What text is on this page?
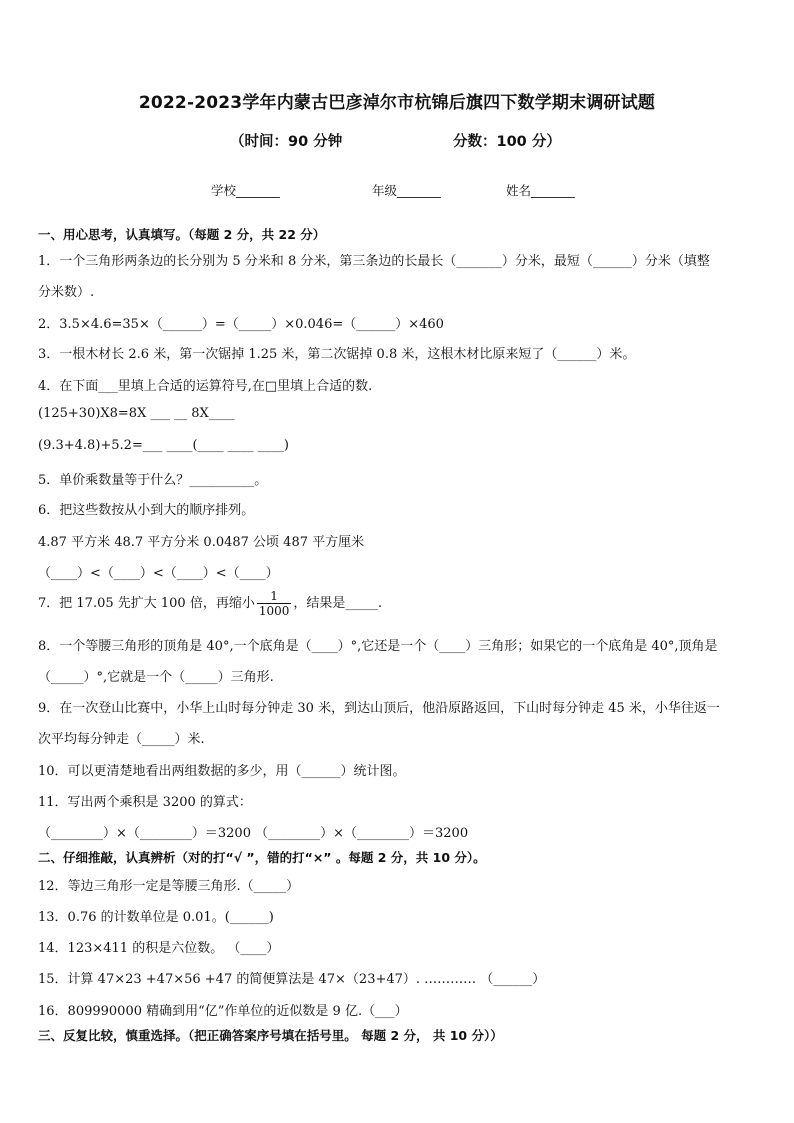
2022-2023学年内蒙古巴彦淖尔市杭锦后旗四下数学期末调研试题
（时间：90 分钟	分数：100 分）
学校_______	年级_______	姓名_______
一、用心思考，认真填写。（每题 2 分，共 22 分）
1．一个三角形两条边的长分别为 5 分米和 8 分米，第三条边的长最长（_______）分米，最短（______）分米（填整
分米数）.
2．3.5×4.6=35×（______）=（_____）×0.046=（______）×460
3．一根木材长 2.6 米，第一次锯掉 1.25 米，第二次锯掉 0.8 米，这根木材比原来短了（______）米。
4．在下面___里填上合适的运算符号,在□里填上合适的数.
(125+30)X8=8X ___ __ 8X____
(9.3+4.8)+5.2=___ ____(____ ____ ____)
5．单价乘数量等于什么？__________。
6．把这些数按从小到大的顺序排列。
4.87 平方米 48.7 平方分米 0.0487 公顷 487 平方厘米
（____）<（____）<（____）<（____）
7．把 17.05 先扩大 100 倍，再缩小 $\frac{1}{1000}$ ，结果是_____.
8．一个等腰三角形的顶角是 40°,一个底角是（____）°,它还是一个（____）三角形；如果它的一个底角是 40°,顶角是
（_____）°,它就是一个（_____）三角形.
9．在一次登山比赛中，小华上山时每分钟走 30 米，到达山顶后，他沿原路返回，下山时每分钟走 45 米，小华往返一
次平均每分钟走（_____）米.
10．可以更清楚地看出两组数据的多少，用（______）统计图。
11．写出两个乘积是 3200 的算式：
（________）×（________）＝3200 （________）×（________）＝3200
二、仔细推敲，认真辨析（对的打“√ ”，错的打“×” 。每题 2 分，共 10 分）。
12．等边三角形一定是等腰三角形.（_____）
13．0.76 的计数单位是 0.01。(______)
14．123×411 的积是六位数。 （____）
15．计算 47×23 +47×56 +47 的简便算法是 47×（23+47）. ………… （______）
16．809990000 精确到用“亿”作单位的近似数是 9 亿.（___）
三、反复比较，慎重选择。（把正确答案序号填在括号里。 每题 2 分， 共 10 分））
